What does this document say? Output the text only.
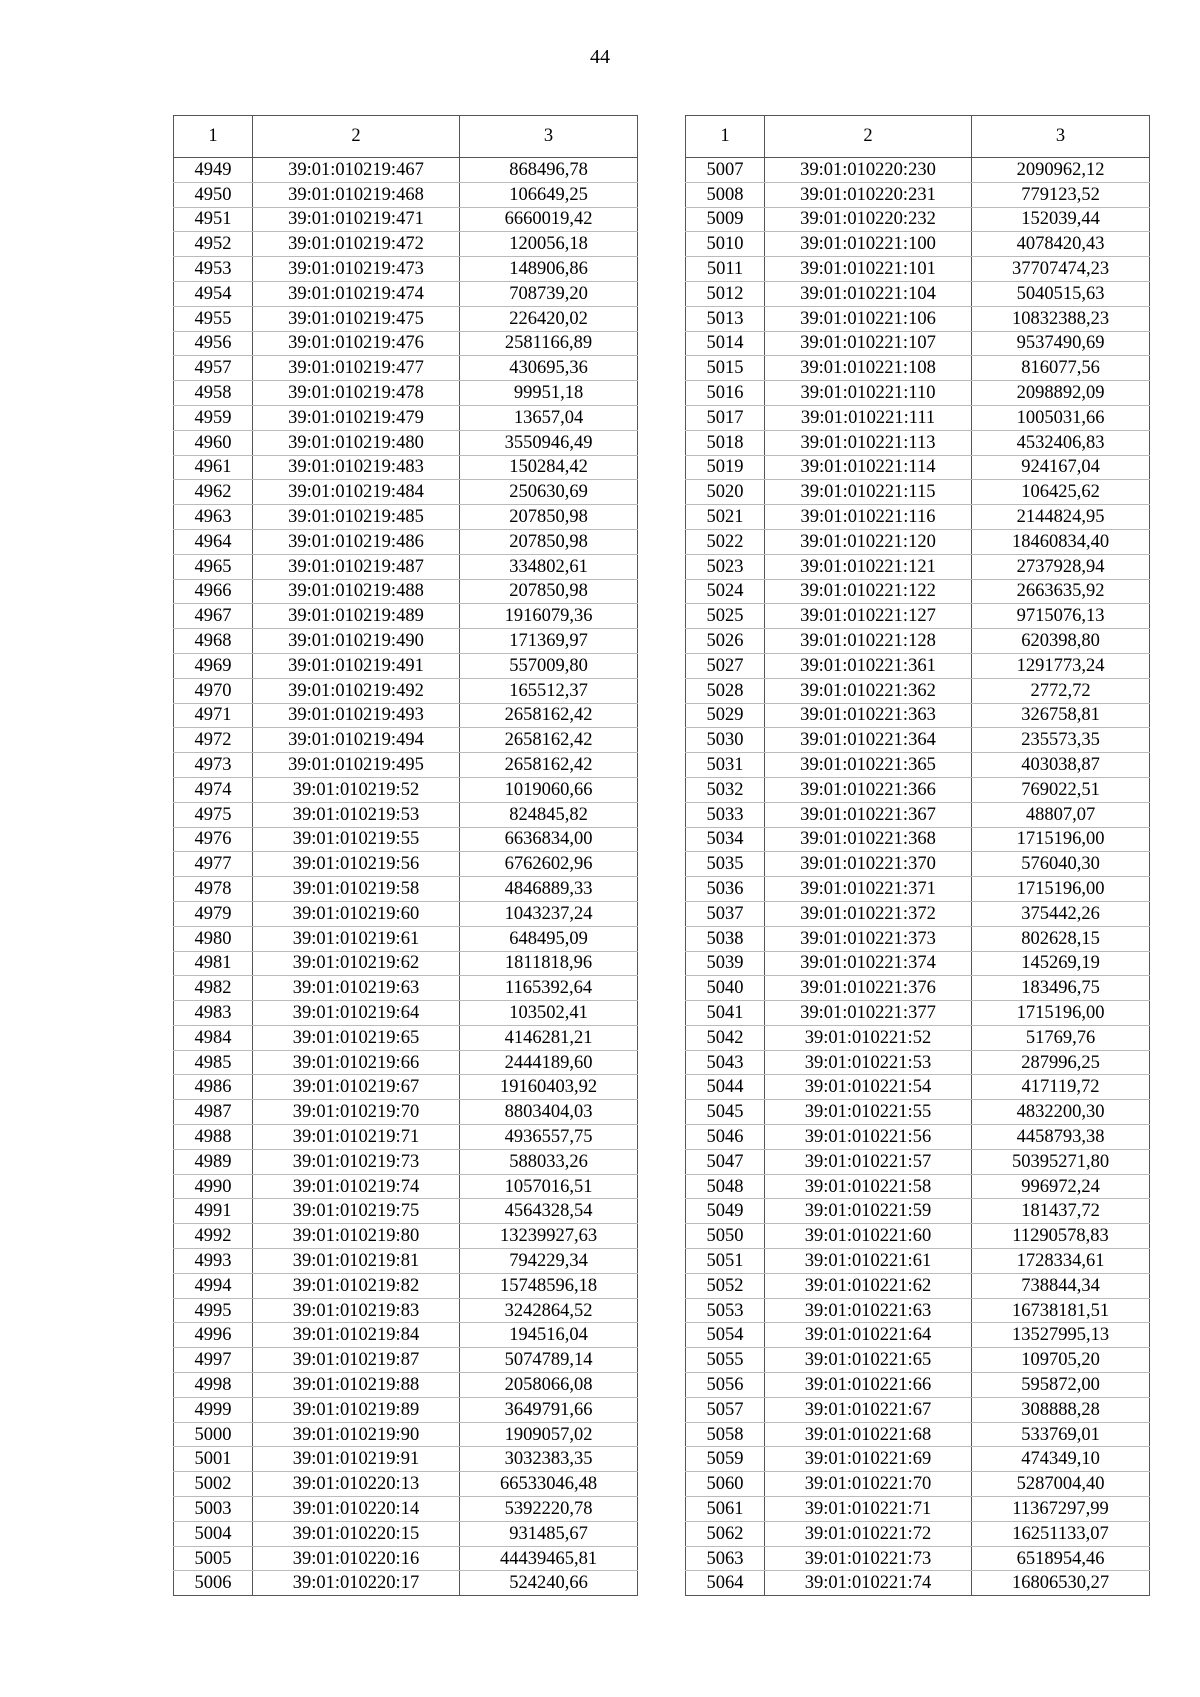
44
1	2	3
4949	39:01:010219:467	868496,78
4950	39:01:010219:468	106649,25
4951	39:01:010219:471	6660019,42
4952	39:01:010219:472	120056,18
4953	39:01:010219:473	148906,86
4954	39:01:010219:474	708739,20
4955	39:01:010219:475	226420,02
4956	39:01:010219:476	2581166,89
4957	39:01:010219:477	430695,36
4958	39:01:010219:478	99951,18
4959	39:01:010219:479	13657,04
4960	39:01:010219:480	3550946,49
4961	39:01:010219:483	150284,42
4962	39:01:010219:484	250630,69
4963	39:01:010219:485	207850,98
4964	39:01:010219:486	207850,98
4965	39:01:010219:487	334802,61
4966	39:01:010219:488	207850,98
4967	39:01:010219:489	1916079,36
4968	39:01:010219:490	171369,97
4969	39:01:010219:491	557009,80
4970	39:01:010219:492	165512,37
4971	39:01:010219:493	2658162,42
4972	39:01:010219:494	2658162,42
4973	39:01:010219:495	2658162,42
4974	39:01:010219:52	1019060,66
4975	39:01:010219:53	824845,82
4976	39:01:010219:55	6636834,00
4977	39:01:010219:56	6762602,96
4978	39:01:010219:58	4846889,33
4979	39:01:010219:60	1043237,24
4980	39:01:010219:61	648495,09
4981	39:01:010219:62	1811818,96
4982	39:01:010219:63	1165392,64
4983	39:01:010219:64	103502,41
4984	39:01:010219:65	4146281,21
4985	39:01:010219:66	2444189,60
4986	39:01:010219:67	19160403,92
4987	39:01:010219:70	8803404,03
4988	39:01:010219:71	4936557,75
4989	39:01:010219:73	588033,26
4990	39:01:010219:74	1057016,51
4991	39:01:010219:75	4564328,54
4992	39:01:010219:80	13239927,63
4993	39:01:010219:81	794229,34
4994	39:01:010219:82	15748596,18
4995	39:01:010219:83	3242864,52
4996	39:01:010219:84	194516,04
4997	39:01:010219:87	5074789,14
4998	39:01:010219:88	2058066,08
4999	39:01:010219:89	3649791,66
5000	39:01:010219:90	1909057,02
5001	39:01:010219:91	3032383,35
5002	39:01:010220:13	66533046,48
5003	39:01:010220:14	5392220,78
5004	39:01:010220:15	931485,67
5005	39:01:010220:16	44439465,81
5006	39:01:010220:17	524240,66
1	2	3
5007	39:01:010220:230	2090962,12
5008	39:01:010220:231	779123,52
5009	39:01:010220:232	152039,44
5010	39:01:010221:100	4078420,43
5011	39:01:010221:101	37707474,23
5012	39:01:010221:104	5040515,63
5013	39:01:010221:106	10832388,23
5014	39:01:010221:107	9537490,69
5015	39:01:010221:108	816077,56
5016	39:01:010221:110	2098892,09
5017	39:01:010221:111	1005031,66
5018	39:01:010221:113	4532406,83
5019	39:01:010221:114	924167,04
5020	39:01:010221:115	106425,62
5021	39:01:010221:116	2144824,95
5022	39:01:010221:120	18460834,40
5023	39:01:010221:121	2737928,94
5024	39:01:010221:122	2663635,92
5025	39:01:010221:127	9715076,13
5026	39:01:010221:128	620398,80
5027	39:01:010221:361	1291773,24
5028	39:01:010221:362	2772,72
5029	39:01:010221:363	326758,81
5030	39:01:010221:364	235573,35
5031	39:01:010221:365	403038,87
5032	39:01:010221:366	769022,51
5033	39:01:010221:367	48807,07
5034	39:01:010221:368	1715196,00
5035	39:01:010221:370	576040,30
5036	39:01:010221:371	1715196,00
5037	39:01:010221:372	375442,26
5038	39:01:010221:373	802628,15
5039	39:01:010221:374	145269,19
5040	39:01:010221:376	183496,75
5041	39:01:010221:377	1715196,00
5042	39:01:010221:52	51769,76
5043	39:01:010221:53	287996,25
5044	39:01:010221:54	417119,72
5045	39:01:010221:55	4832200,30
5046	39:01:010221:56	4458793,38
5047	39:01:010221:57	50395271,80
5048	39:01:010221:58	996972,24
5049	39:01:010221:59	181437,72
5050	39:01:010221:60	11290578,83
5051	39:01:010221:61	1728334,61
5052	39:01:010221:62	738844,34
5053	39:01:010221:63	16738181,51
5054	39:01:010221:64	13527995,13
5055	39:01:010221:65	109705,20
5056	39:01:010221:66	595872,00
5057	39:01:010221:67	308888,28
5058	39:01:010221:68	533769,01
5059	39:01:010221:69	474349,10
5060	39:01:010221:70	5287004,40
5061	39:01:010221:71	11367297,99
5062	39:01:010221:72	16251133,07
5063	39:01:010221:73	6518954,46
5064	39:01:010221:74	16806530,27
